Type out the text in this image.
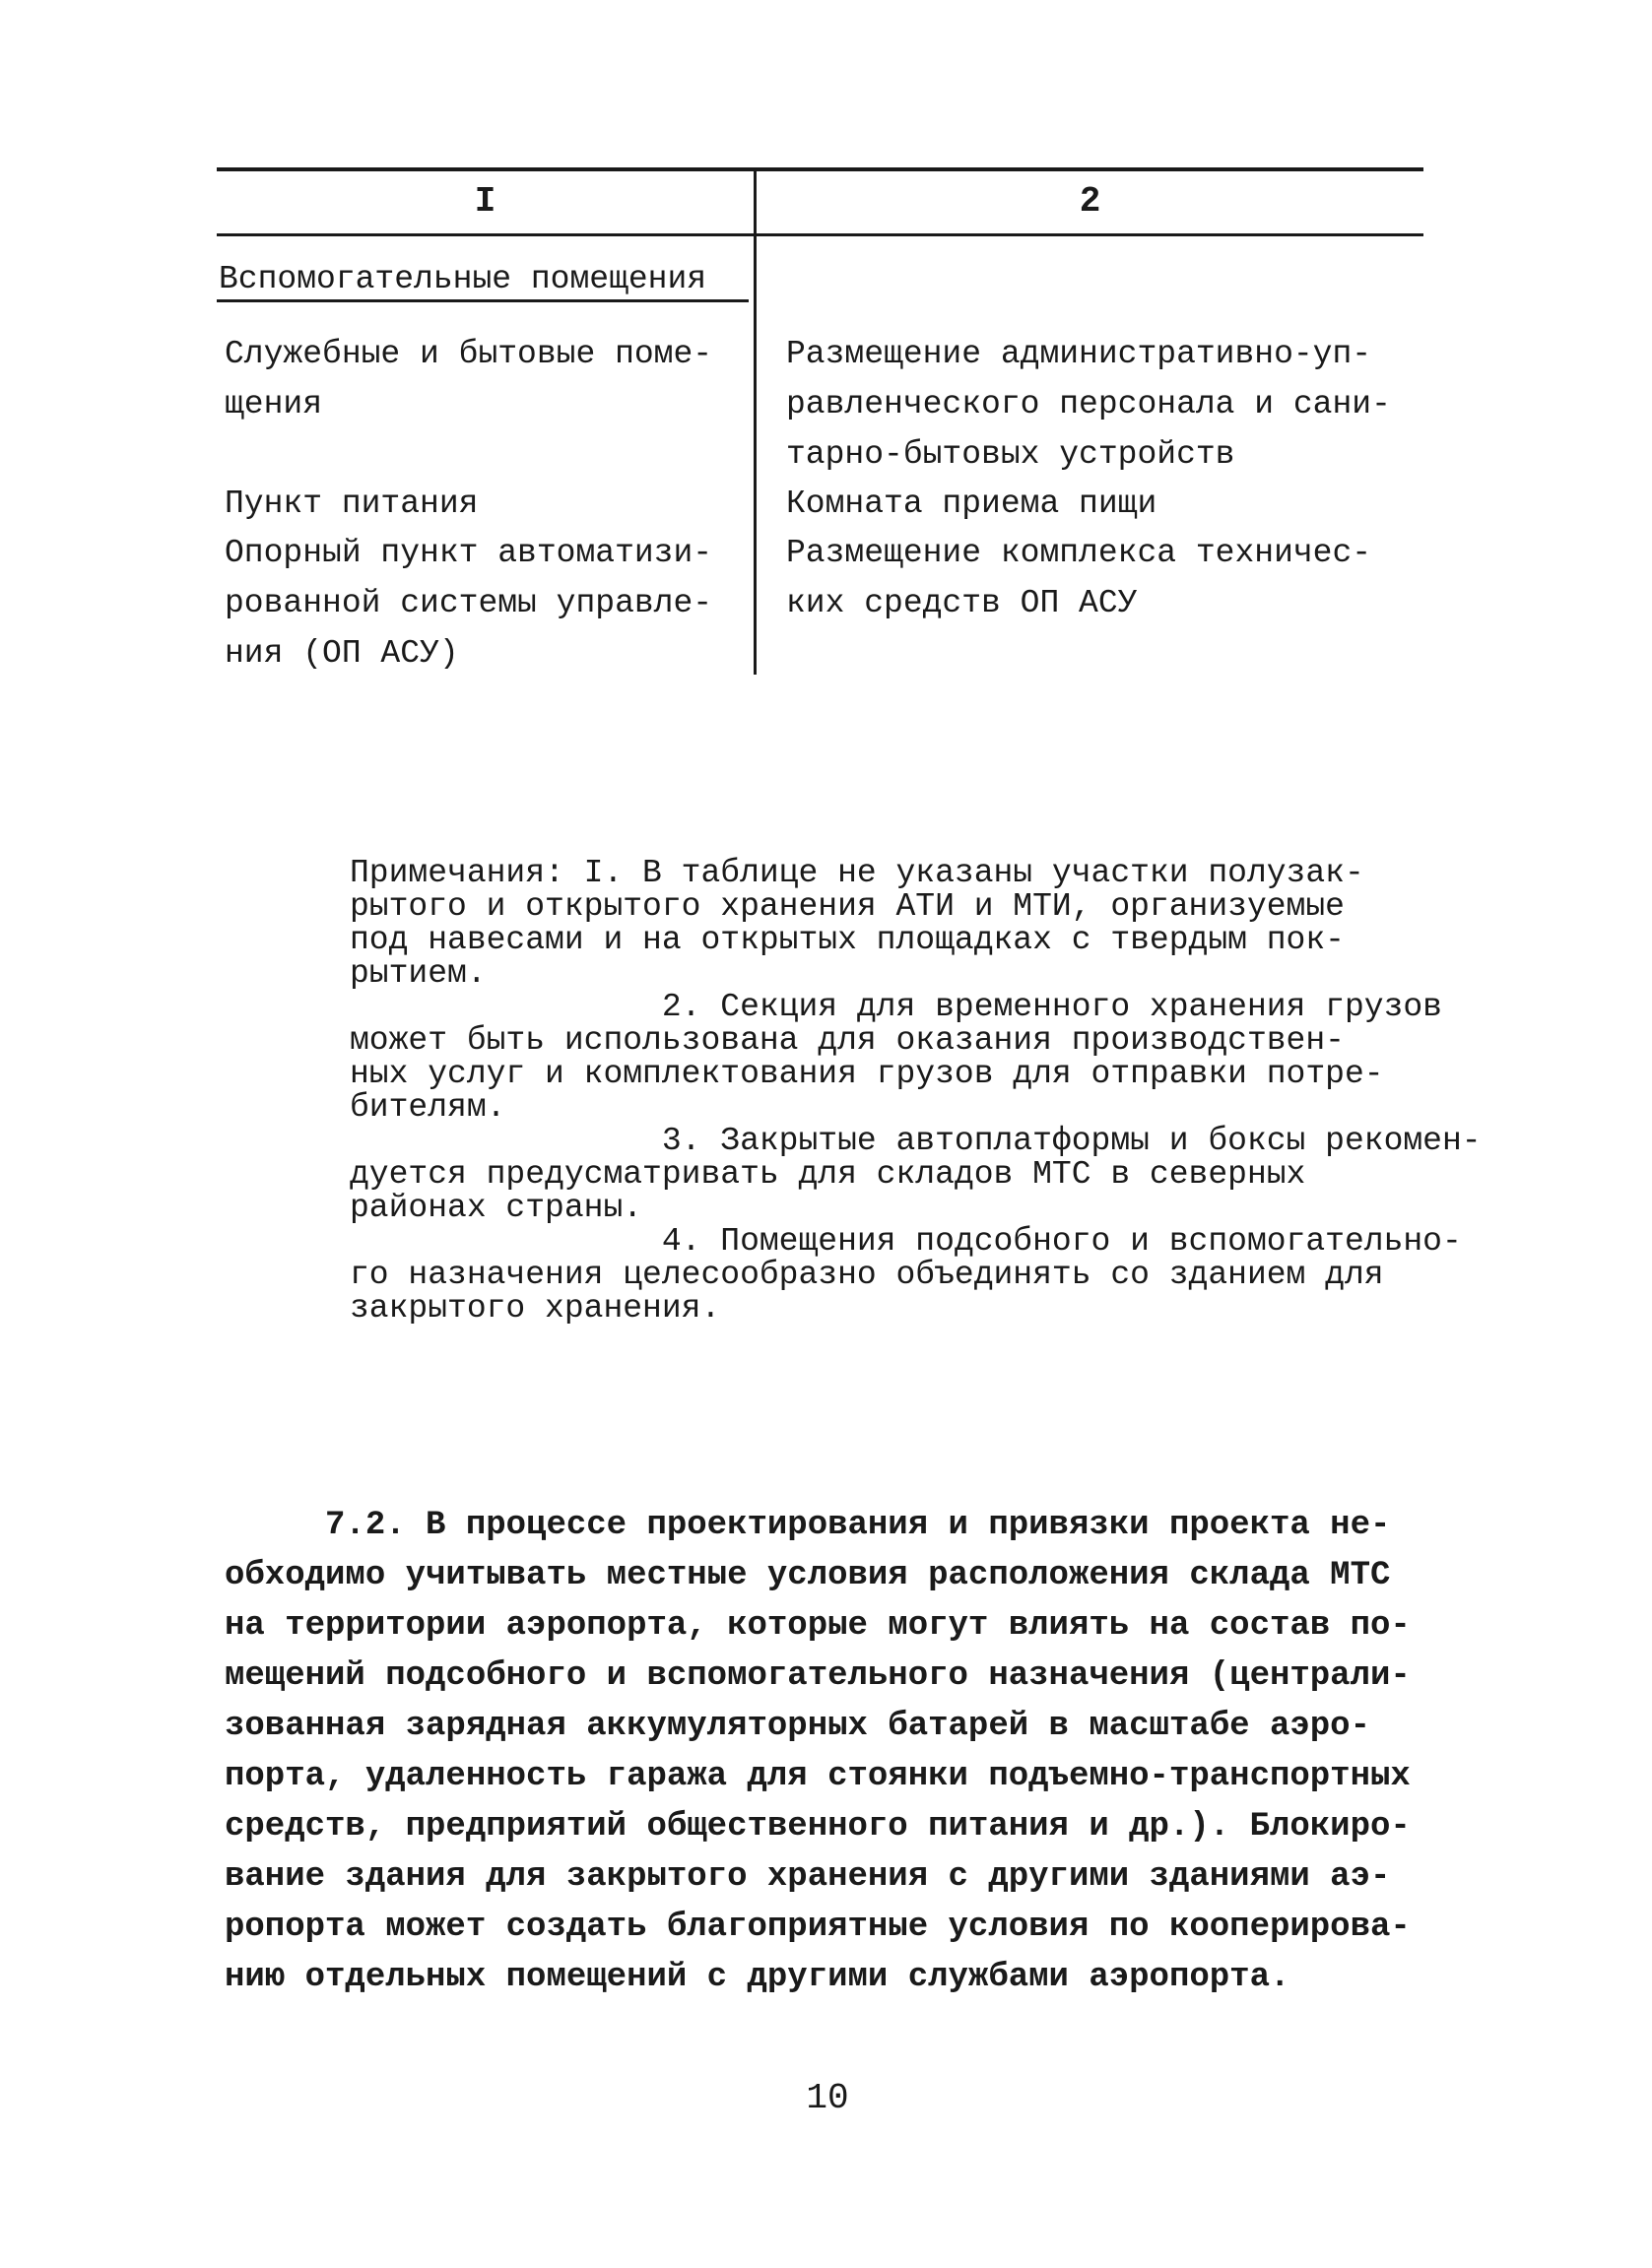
I	2
Вспомогательные помещения
Служебные и бытовые поме-
щения
Размещение административно-уп-
равленческого персонала и сани-
тарно-бытовых устройств
Пункт питания	Комната приема пищи
Опорный пункт автоматизи-
рованной системы управле-
ния (ОП АСУ)
Размещение комплекса техничес-
ких средств ОП АСУ
Примечания: I. В таблице не указаны участки полузак-
рытого и открытого хранения АТИ и МТИ, организуемые
под навесами и на открытых площадках с твердым пок-
рытием.
2. Секция для временного хранения грузов
может быть использована для оказания производствен-
ных услуг и комплектования грузов для отправки потре-
бителям.
3. Закрытые автоплатформы и боксы рекомен-
дуется предусматривать для складов МТС в северных
районах страны.
4. Помещения подсобного и вспомогательно-
го назначения целесообразно объединять со зданием для
закрытого хранения.
7.2. В процессе проектирования и привязки проекта не-
обходимо учитывать местные условия расположения склада МТС
на территории аэропорта, которые могут влиять на состав по-
мещений подсобного и вспомогательного назначения (централи-
зованная зарядная аккумуляторных батарей в масштабе аэро-
порта, удаленность гаража для стоянки подъемно-транспортных
средств, предприятий общественного питания и др.). Блокиро-
вание здания для закрытого хранения с другими зданиями аэ-
ропорта может создать благоприятные условия по кооперирова-
нию отдельных помещений с другими службами аэропорта.
10
